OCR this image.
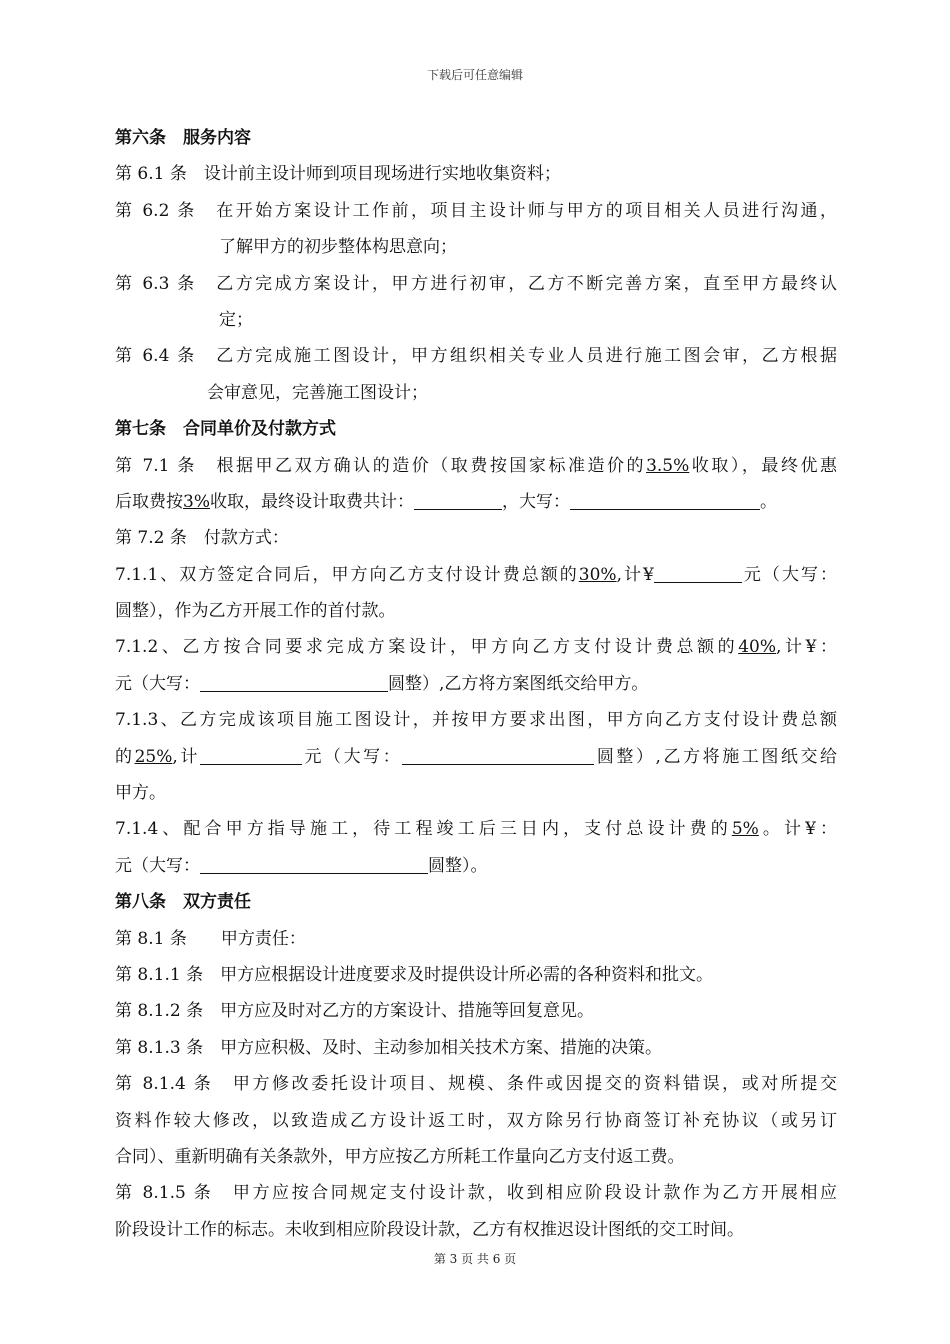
下载后可任意编辑

第六条　服务内容

第 6.1 条　设计前主设计师到项目现场进行实地收集资料；

第 6.2 条　在开始方案设计工作前，项目主设计师与甲方的项目相关人员进行沟通，

了解甲方的初步整体构思意向；

第 6.3 条　乙方完成方案设计，甲方进行初审，乙方不断完善方案，直至甲方最终认

定；

第 6.4 条　乙方完成施工图设计，甲方组织相关专业人员进行施工图会审，乙方根据

会审意见，完善施工图设计；

第七条　合同单价及付款方式

第 7.1 条　根据甲乙双方确认的造价（取费按国家标准造价的3.5%收取），最终优惠

后取费按3%收取，最终设计取费共计：	，大写：	。

第 7.2 条　付款方式：

7.1.1、双方签定合同后，甲方向乙方支付设计费总额的30%,计¥	元（大写：

圆整），作为乙方开展工作的首付款。

7.1.2、乙方按合同要求完成方案设计，甲方向乙方支付设计费总额的40%,计¥：

元（大写：	圆整）,乙方将方案图纸交给甲方。

7.1.3、乙方完成该项目施工图设计，并按甲方要求出图，甲方向乙方支付设计费总额

的25%,计	元（大写：	圆整）,乙方将施工图纸交给

甲方。

7.1.4、配合甲方指导施工，待工程竣工后三日内，支付总设计费的5%。计¥：

元（大写：	圆整）。

第八条　双方责任

第 8.1 条　　甲方责任：

第 8.1.1 条　甲方应根据设计进度要求及时提供设计所必需的各种资料和批文。

第 8.1.2 条　甲方应及时对乙方的方案设计、措施等回复意见。

第 8.1.3 条　甲方应积极、及时、主动参加相关技术方案、措施的决策。

第 8.1.4 条　甲方修改委托设计项目、规模、条件或因提交的资料错误，或对所提交

资料作较大修改，以致造成乙方设计返工时，双方除另行协商签订补充协议（或另订

合同）、重新明确有关条款外，甲方应按乙方所耗工作量向乙方支付返工费。

第 8.1.5 条　甲方应按合同规定支付设计款，收到相应阶段设计款作为乙方开展相应

阶段设计工作的标志。未收到相应阶段设计款，乙方有权推迟设计图纸的交工时间。

第 3 页 共 6 页
